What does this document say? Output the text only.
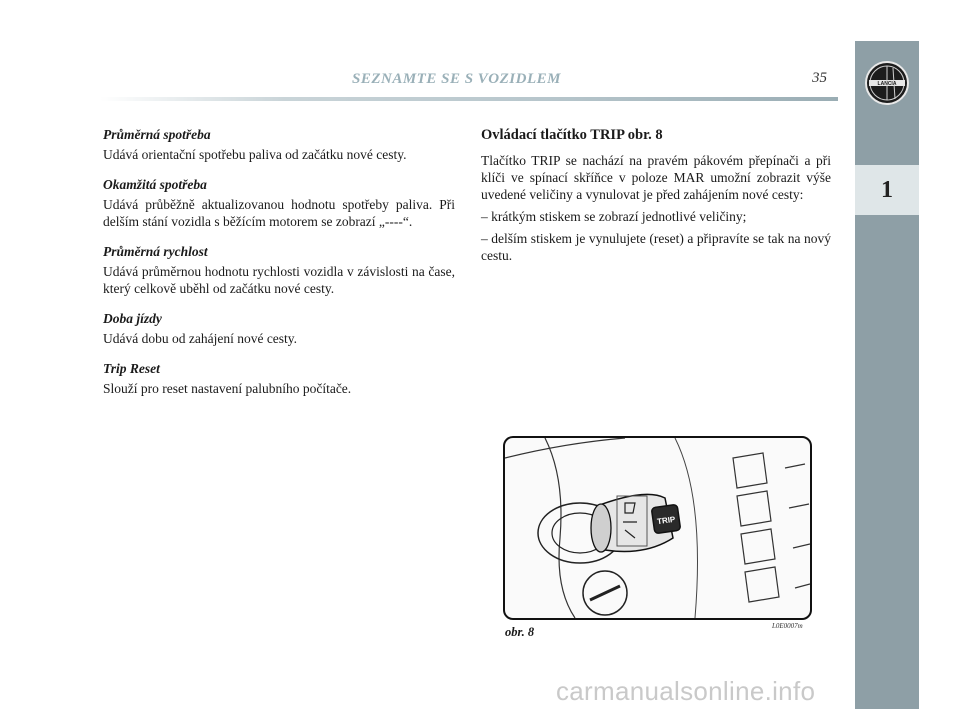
SEZNAMTE SE S VOZIDLEM	35	LANCIA
1

Průměrná spotřeba

Udává orientační spotřebu paliva od začátku nové cesty.

Okamžitá spotřeba

Udává průběžně aktualizovanou hodnotu spotřeby paliva. Při delším stání vozidla s běžícím motorem se zobrazí „----“.

Průměrná rychlost

Udává průměrnou hodnotu rychlosti vozidla v závislosti na čase, který celkově uběhl od začátku nové cesty.

Doba jízdy

Udává dobu od zahájení nové cesty.

Trip Reset

Slouží pro reset nastavení palubního počítače.

Ovládací tlačítko TRIP obr. 8

Tlačítko TRIP se nachází na pravém pákovém přepínači a při klíči ve spínací skříňce v poloze MAR umožní zobrazit výše uvedené veličiny a vynulovat je před zahájením nové cesty:

– krátkým stiskem se zobrazí jednotlivé veličiny;

– delším stiskem je vynulujete (reset) a připravíte se tak na nový cestu.

TRIP
obr. 8	L0E0007m
carmanualsonline.info
